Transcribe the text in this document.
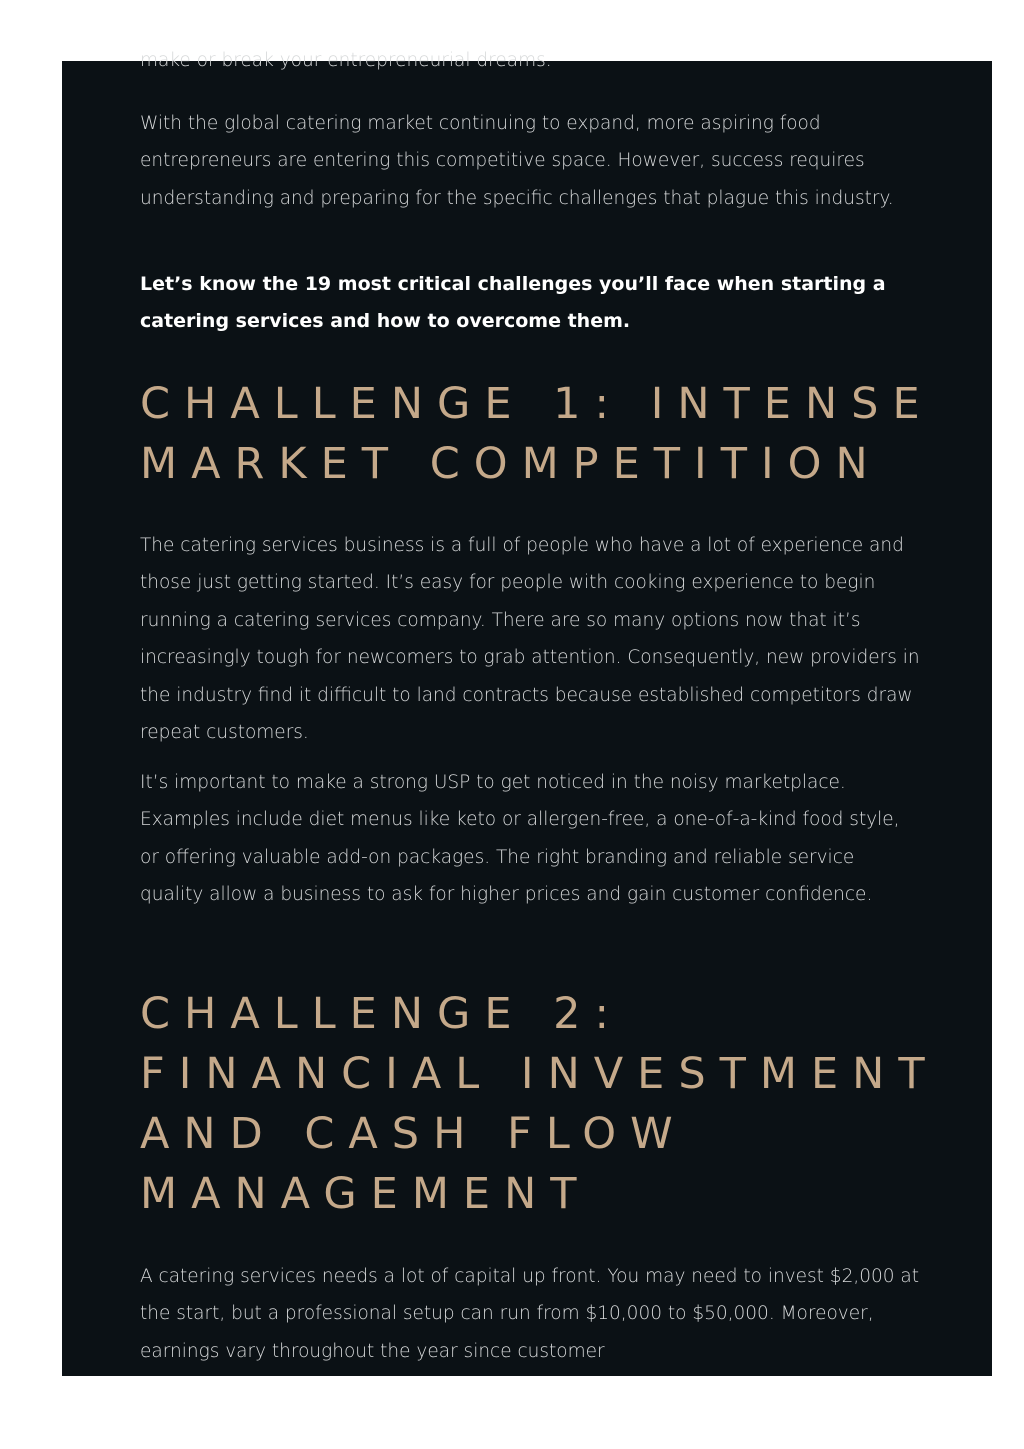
make or break your entrepreneurial dreams.

With the global catering market continuing to expand, more aspiring food entrepreneurs are entering this competitive space. However, success requires understanding and preparing for the specific challenges that plague this industry.

Let’s know the 19 most critical challenges you’ll face when starting a catering services and how to overcome them.

CHALLENGE 1: INTENSE MARKET COMPETITION

The catering services business is a full of people who have a lot of experience and those just getting started. It’s easy for people with cooking experience to begin running a catering services company. There are so many options now that it’s increasingly tough for newcomers to grab attention. Consequently, new providers in the industry find it difficult to land contracts because established competitors draw repeat customers.

It’s important to make a strong USP to get noticed in the noisy marketplace. Examples include diet menus like keto or allergen-free, a one-of-a-kind food style, or offering valuable add-on packages. The right branding and reliable service quality allow a business to ask for higher prices and gain customer confidence.

CHALLENGE 2: FINANCIAL INVESTMENT AND CASH FLOW MANAGEMENT

A catering services needs a lot of capital up front. You may need to invest $2,000 at the start, but a professional setup can run from $10,000 to $50,000. Moreover, earnings vary throughout the year since customer
